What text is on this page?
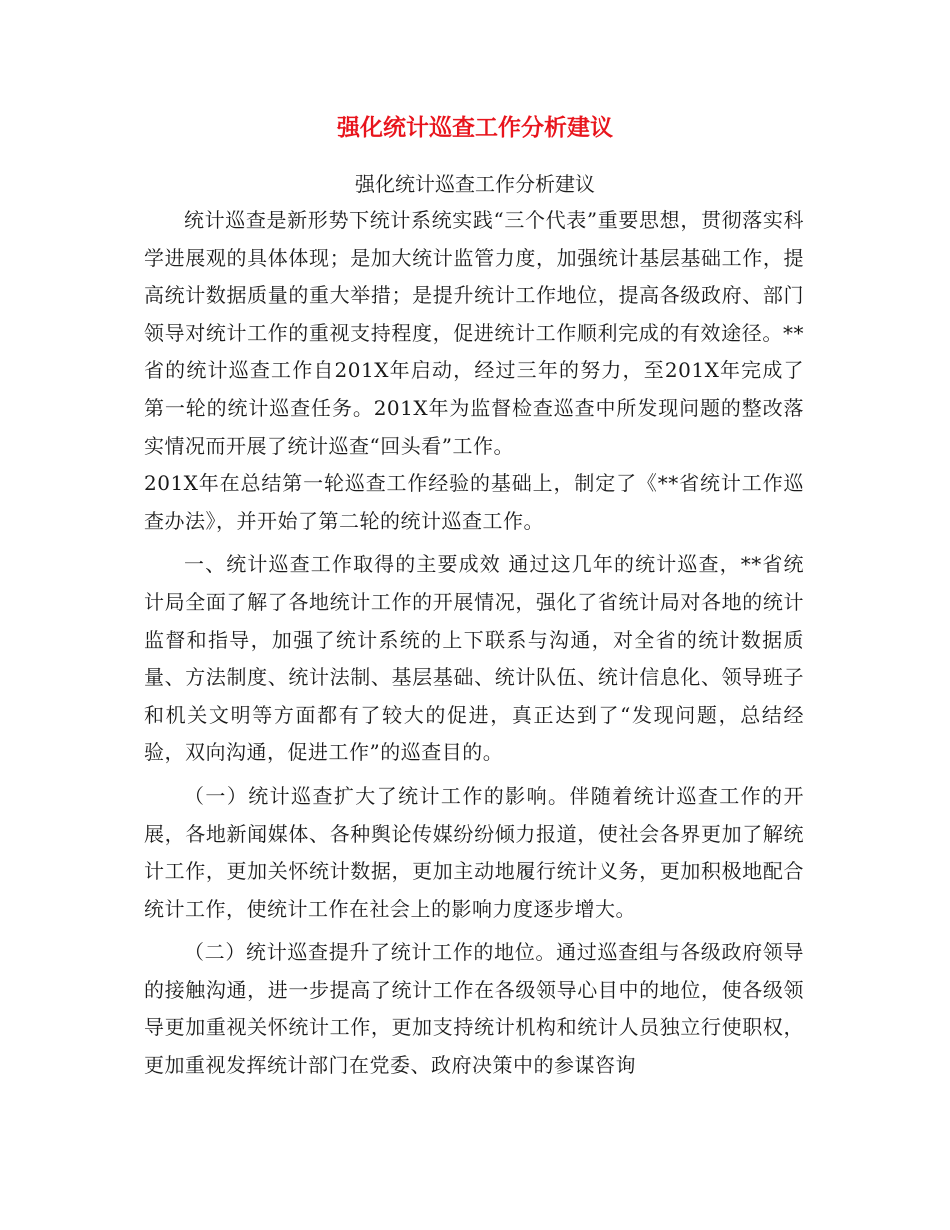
强化统计巡查工作分析建议
强化统计巡查工作分析建议

统计巡查是新形势下统计系统实践“三个代表”重要思想，贯彻落实科学进展观的具体体现；是加大统计监管力度，加强统计基层基础工作，提高统计数据质量的重大举措；是提升统计工作地位，提高各级政府、部门领导对统计工作的重视支持程度，促进统计工作顺利完成的有效途径。**省的统计巡查工作自201X年启动，经过三年的努力，至201X年完成了第一轮的统计巡查任务。201X年为监督检查巡查中所发现问题的整改落实情况而开展了统计巡查“回头看”工作。

201X年在总结第一轮巡查工作经验的基础上，制定了《**省统计工作巡查办法》，并开始了第二轮的统计巡查工作。

一、统计巡查工作取得的主要成效 通过这几年的统计巡查，**省统计局全面了解了各地统计工作的开展情况，强化了省统计局对各地的统计监督和指导，加强了统计系统的上下联系与沟通，对全省的统计数据质量、方法制度、统计法制、基层基础、统计队伍、统计信息化、领导班子和机关文明等方面都有了较大的促进，真正达到了“发现问题，总结经验，双向沟通，促进工作”的巡查目的。

（一）统计巡查扩大了统计工作的影响。伴随着统计巡查工作的开展，各地新闻媒体、各种舆论传媒纷纷倾力报道，使社会各界更加了解统计工作，更加关怀统计数据，更加主动地履行统计义务，更加积极地配合统计工作，使统计工作在社会上的影响力度逐步增大。

（二）统计巡查提升了统计工作的地位。通过巡查组与各级政府领导的接触沟通，进一步提高了统计工作在各级领导心目中的地位，使各级领导更加重视关怀统计工作，更加支持统计机构和统计人员独立行使职权，更加重视发挥统计部门在党委、政府决策中的参谋咨询
